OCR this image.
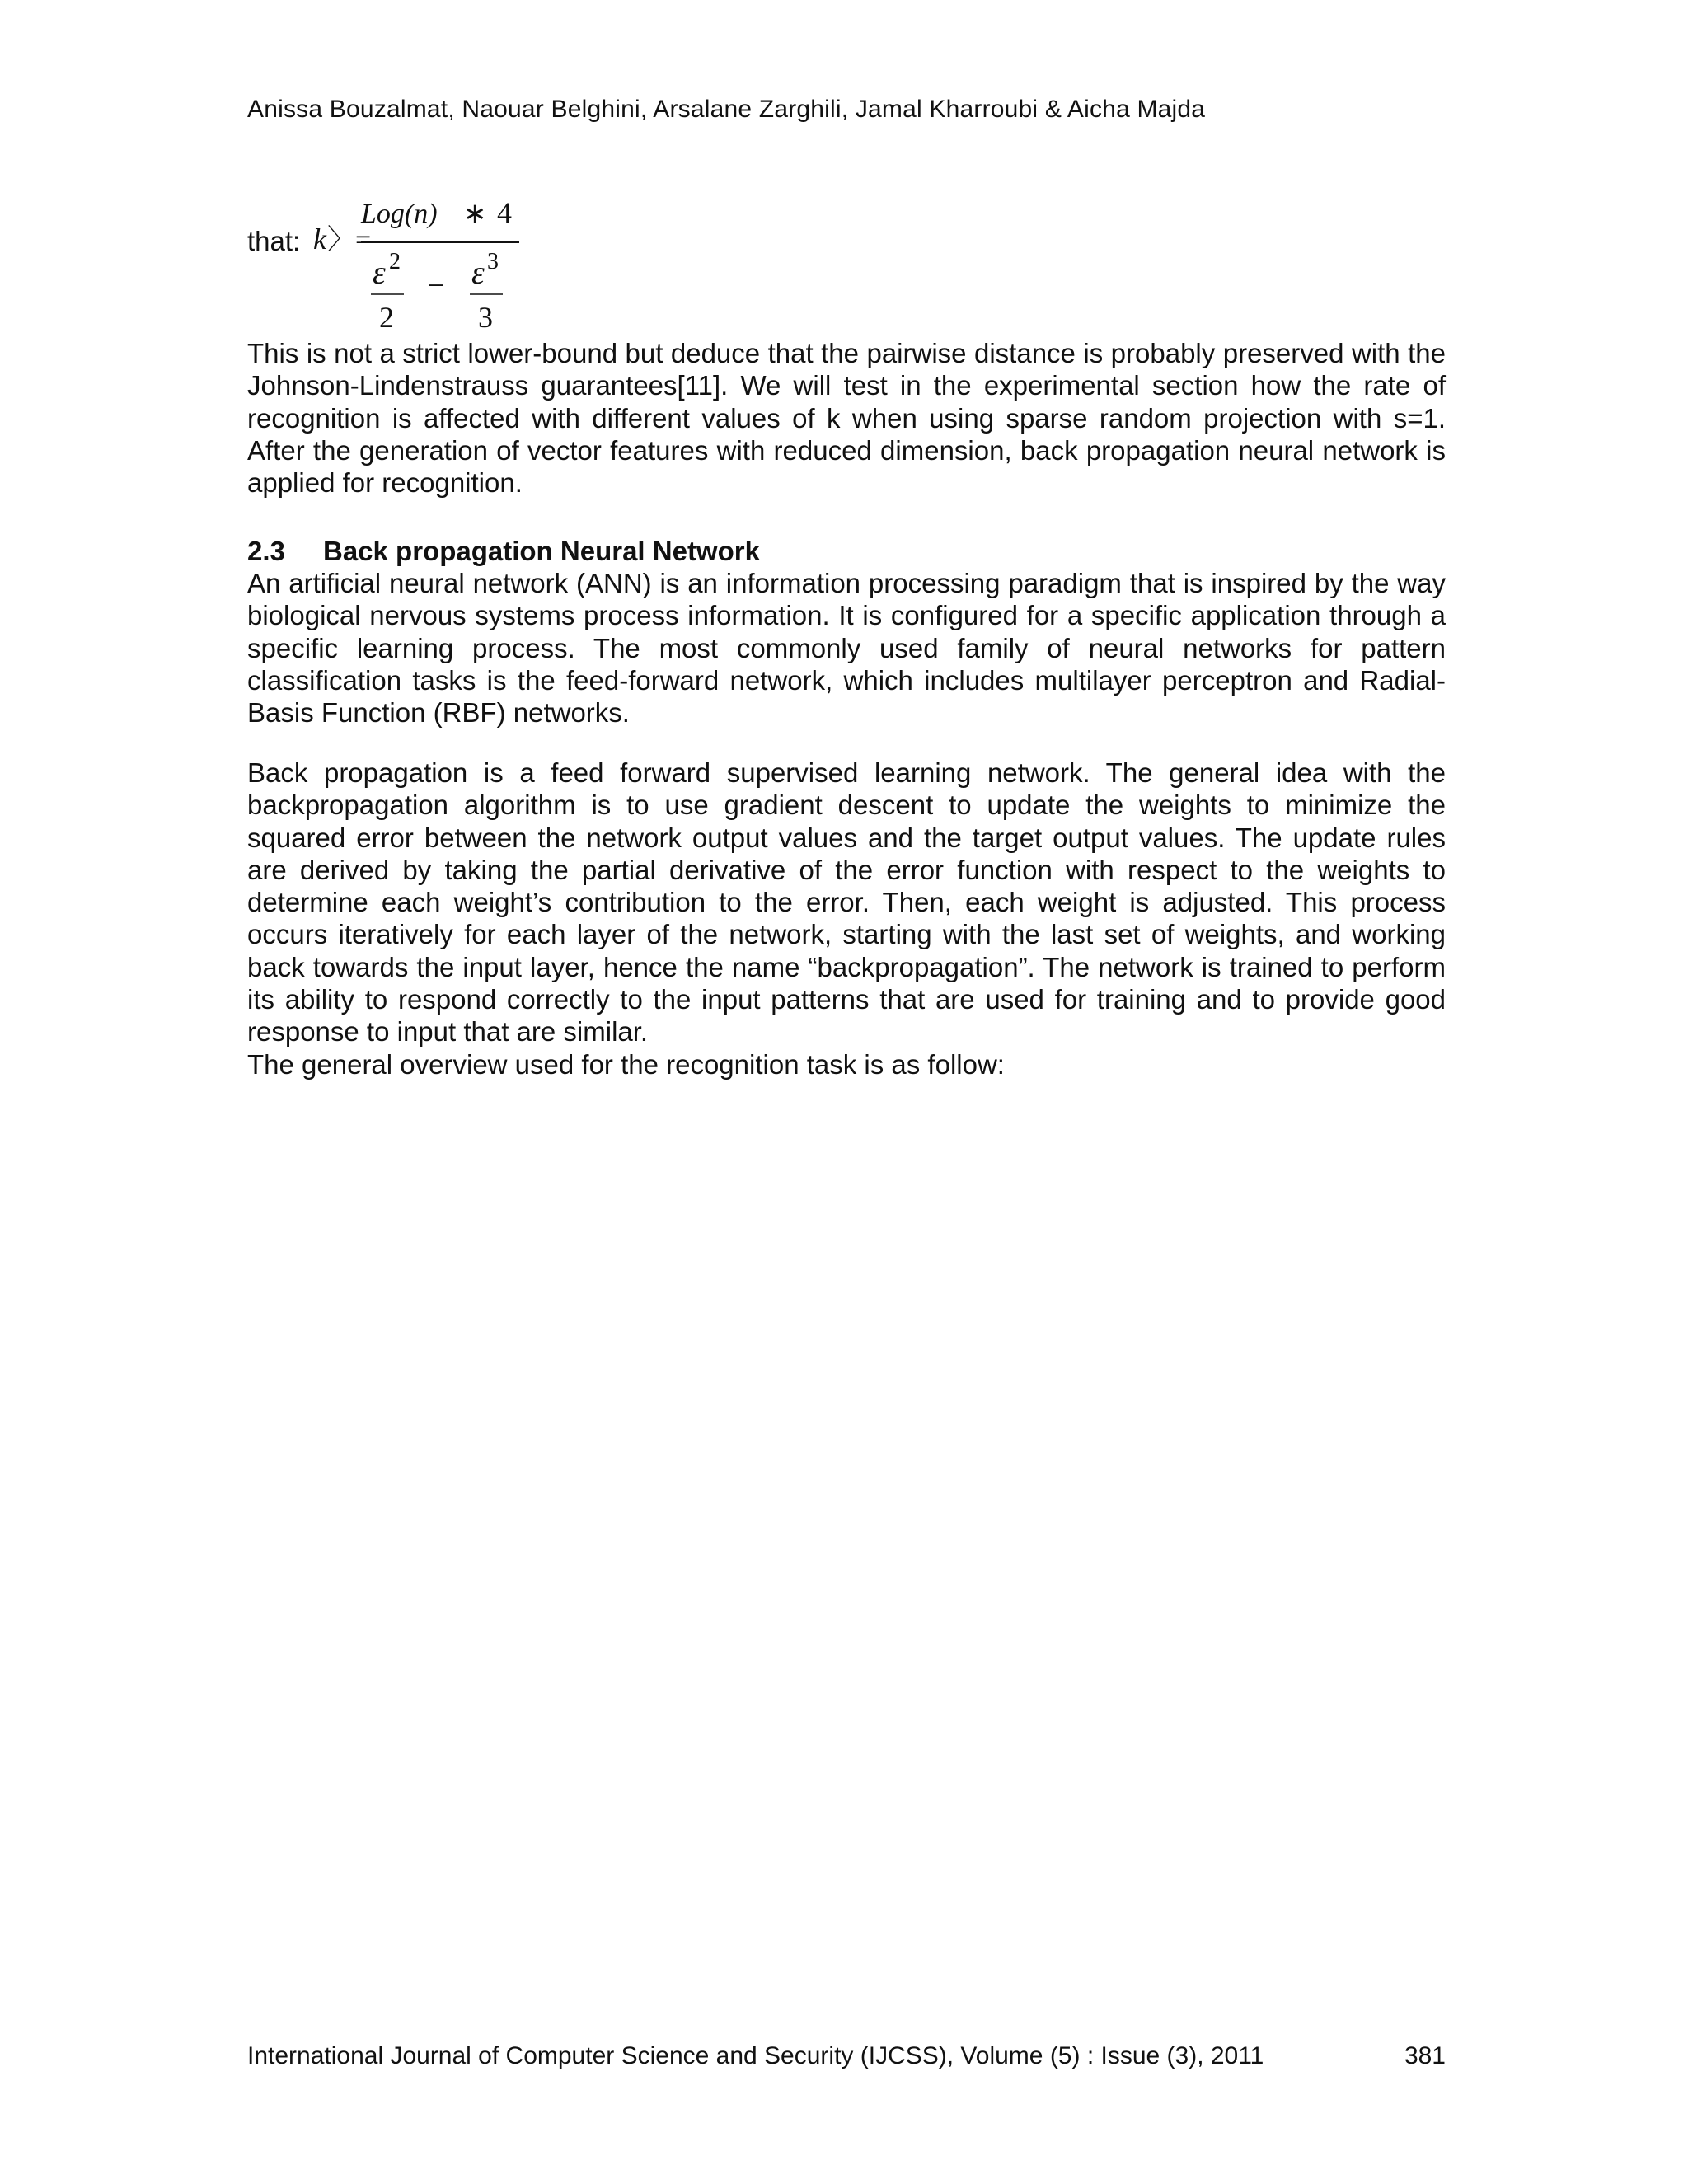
Anissa Bouzalmat, Naouar Belghini, Arsalane Zarghili, Jamal Kharroubi & Aicha Majda
that: k 〉=
Log(n) ∗ 4
ε 2
2
− ε 3
3

This is not a strict lower-bound but deduce that the pairwise distance is probably preserved with the Johnson-Lindenstrauss guarantees[11]. We will test in the experimental section how the rate of recognition is affected with different values of k when using sparse random projection with s=1. After the generation of vector features with reduced dimension, back propagation neural network is applied for recognition.

2.3 Back propagation Neural Network

An artificial neural network (ANN) is an information processing paradigm that is inspired by the way biological nervous systems process information. It is configured for a specific application through a specific learning process. The most commonly used family of neural networks for pattern classification tasks is the feed-forward network, which includes multilayer perceptron and Radial-Basis Function (RBF) networks.

Back propagation is a feed forward supervised learning network. The general idea with the backpropagation algorithm is to use gradient descent to update the weights to minimize the squared error between the network output values and the target output values. The update rules are derived by taking the partial derivative of the error function with respect to the weights to determine each weight’s contribution to the error. Then, each weight is adjusted. This process occurs iteratively for each layer of the network, starting with the last set of weights, and working back towards the input layer, hence the name “backpropagation”. The network is trained to perform its ability to respond correctly to the input patterns that are used for training and to provide good response to input that are similar.

The general overview used for the recognition task is as follow:

International Journal of Computer Science and Security (IJCSS), Volume (5) : Issue (3), 2011	381
